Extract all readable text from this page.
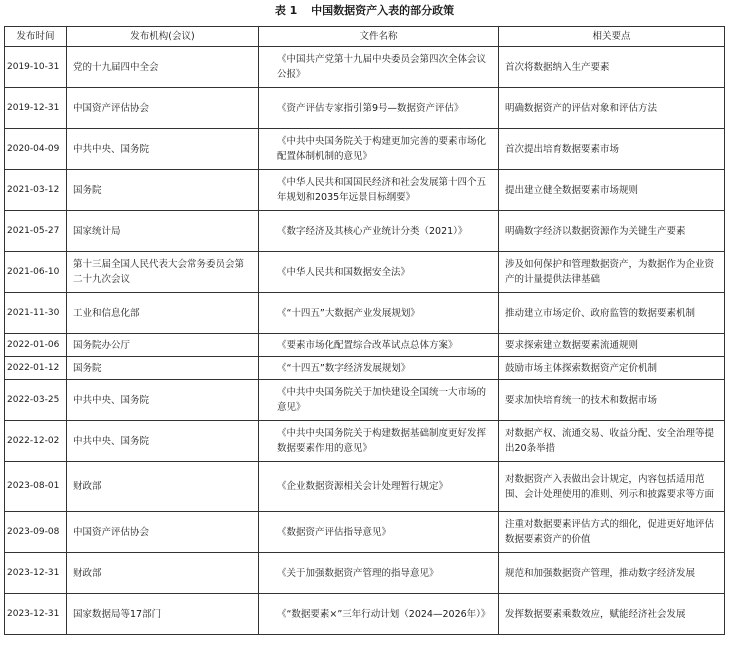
表 1 中国数据资产入表的部分政策
发布时间	发布机构(会议)	文件名称	相关要点
2019-10-31	党的十九届四中全会	《中国共产党第十九届中央委员会第四次全体会议公报》	首次将数据纳入生产要素
2019-12-31	中国资产评估协会	《资产评估专家指引第9号—数据资产评估》	明确数据资产的评估对象和评估方法
2020-04-09	中共中央、国务院	《中共中央国务院关于构建更加完善的要素市场化配置体制机制的意见》	首次提出培育数据要素市场
2021-03-12	国务院	《中华人民共和国国民经济和社会发展第十四个五年规划和2035年远景目标纲要》	提出建立健全数据要素市场规则
2021-05-27	国家统计局	《数字经济及其核心产业统计分类（2021）》	明确数字经济以数据资源作为关键生产要素
2021-06-10	第十三届全国人民代表大会常务委员会第二十九次会议	《中华人民共和国数据安全法》	涉及如何保护和管理数据资产，为数据作为企业资产的计量提供法律基础
2021-11-30	工业和信息化部	《“十四五”大数据产业发展规划》	推动建立市场定价、政府监管的数据要素机制
2022-01-06	国务院办公厅	《要素市场化配置综合改革试点总体方案》	要求探索建立数据要素流通规则
2022-01-12	国务院	《“十四五”数字经济发展规划》	鼓励市场主体探索数据资产定价机制
2022-03-25	中共中央、国务院	《中共中央国务院关于加快建设全国统一大市场的意见》	要求加快培育统一的技术和数据市场
2022-12-02	中共中央、国务院	《中共中央国务院关于构建数据基础制度更好发挥数据要素作用的意见》	对数据产权、流通交易、收益分配、安全治理等提出20条举措
2023-08-01	财政部	《企业数据资源相关会计处理暂行规定》	对数据资产入表做出会计规定，内容包括适用范围、会计处理使用的准则、列示和披露要求等方面
2023-09-08	中国资产评估协会	《数据资产评估指导意见》	注重对数据要素评估方式的细化，促进更好地评估数据要素资产的价值
2023-12-31	财政部	《关于加强数据资产管理的指导意见》	规范和加强数据资产管理，推动数字经济发展
2023-12-31	国家数据局等17部门	《“数据要素×”三年行动计划（2024—2026年）》	发挥数据要素乘数效应，赋能经济社会发展
